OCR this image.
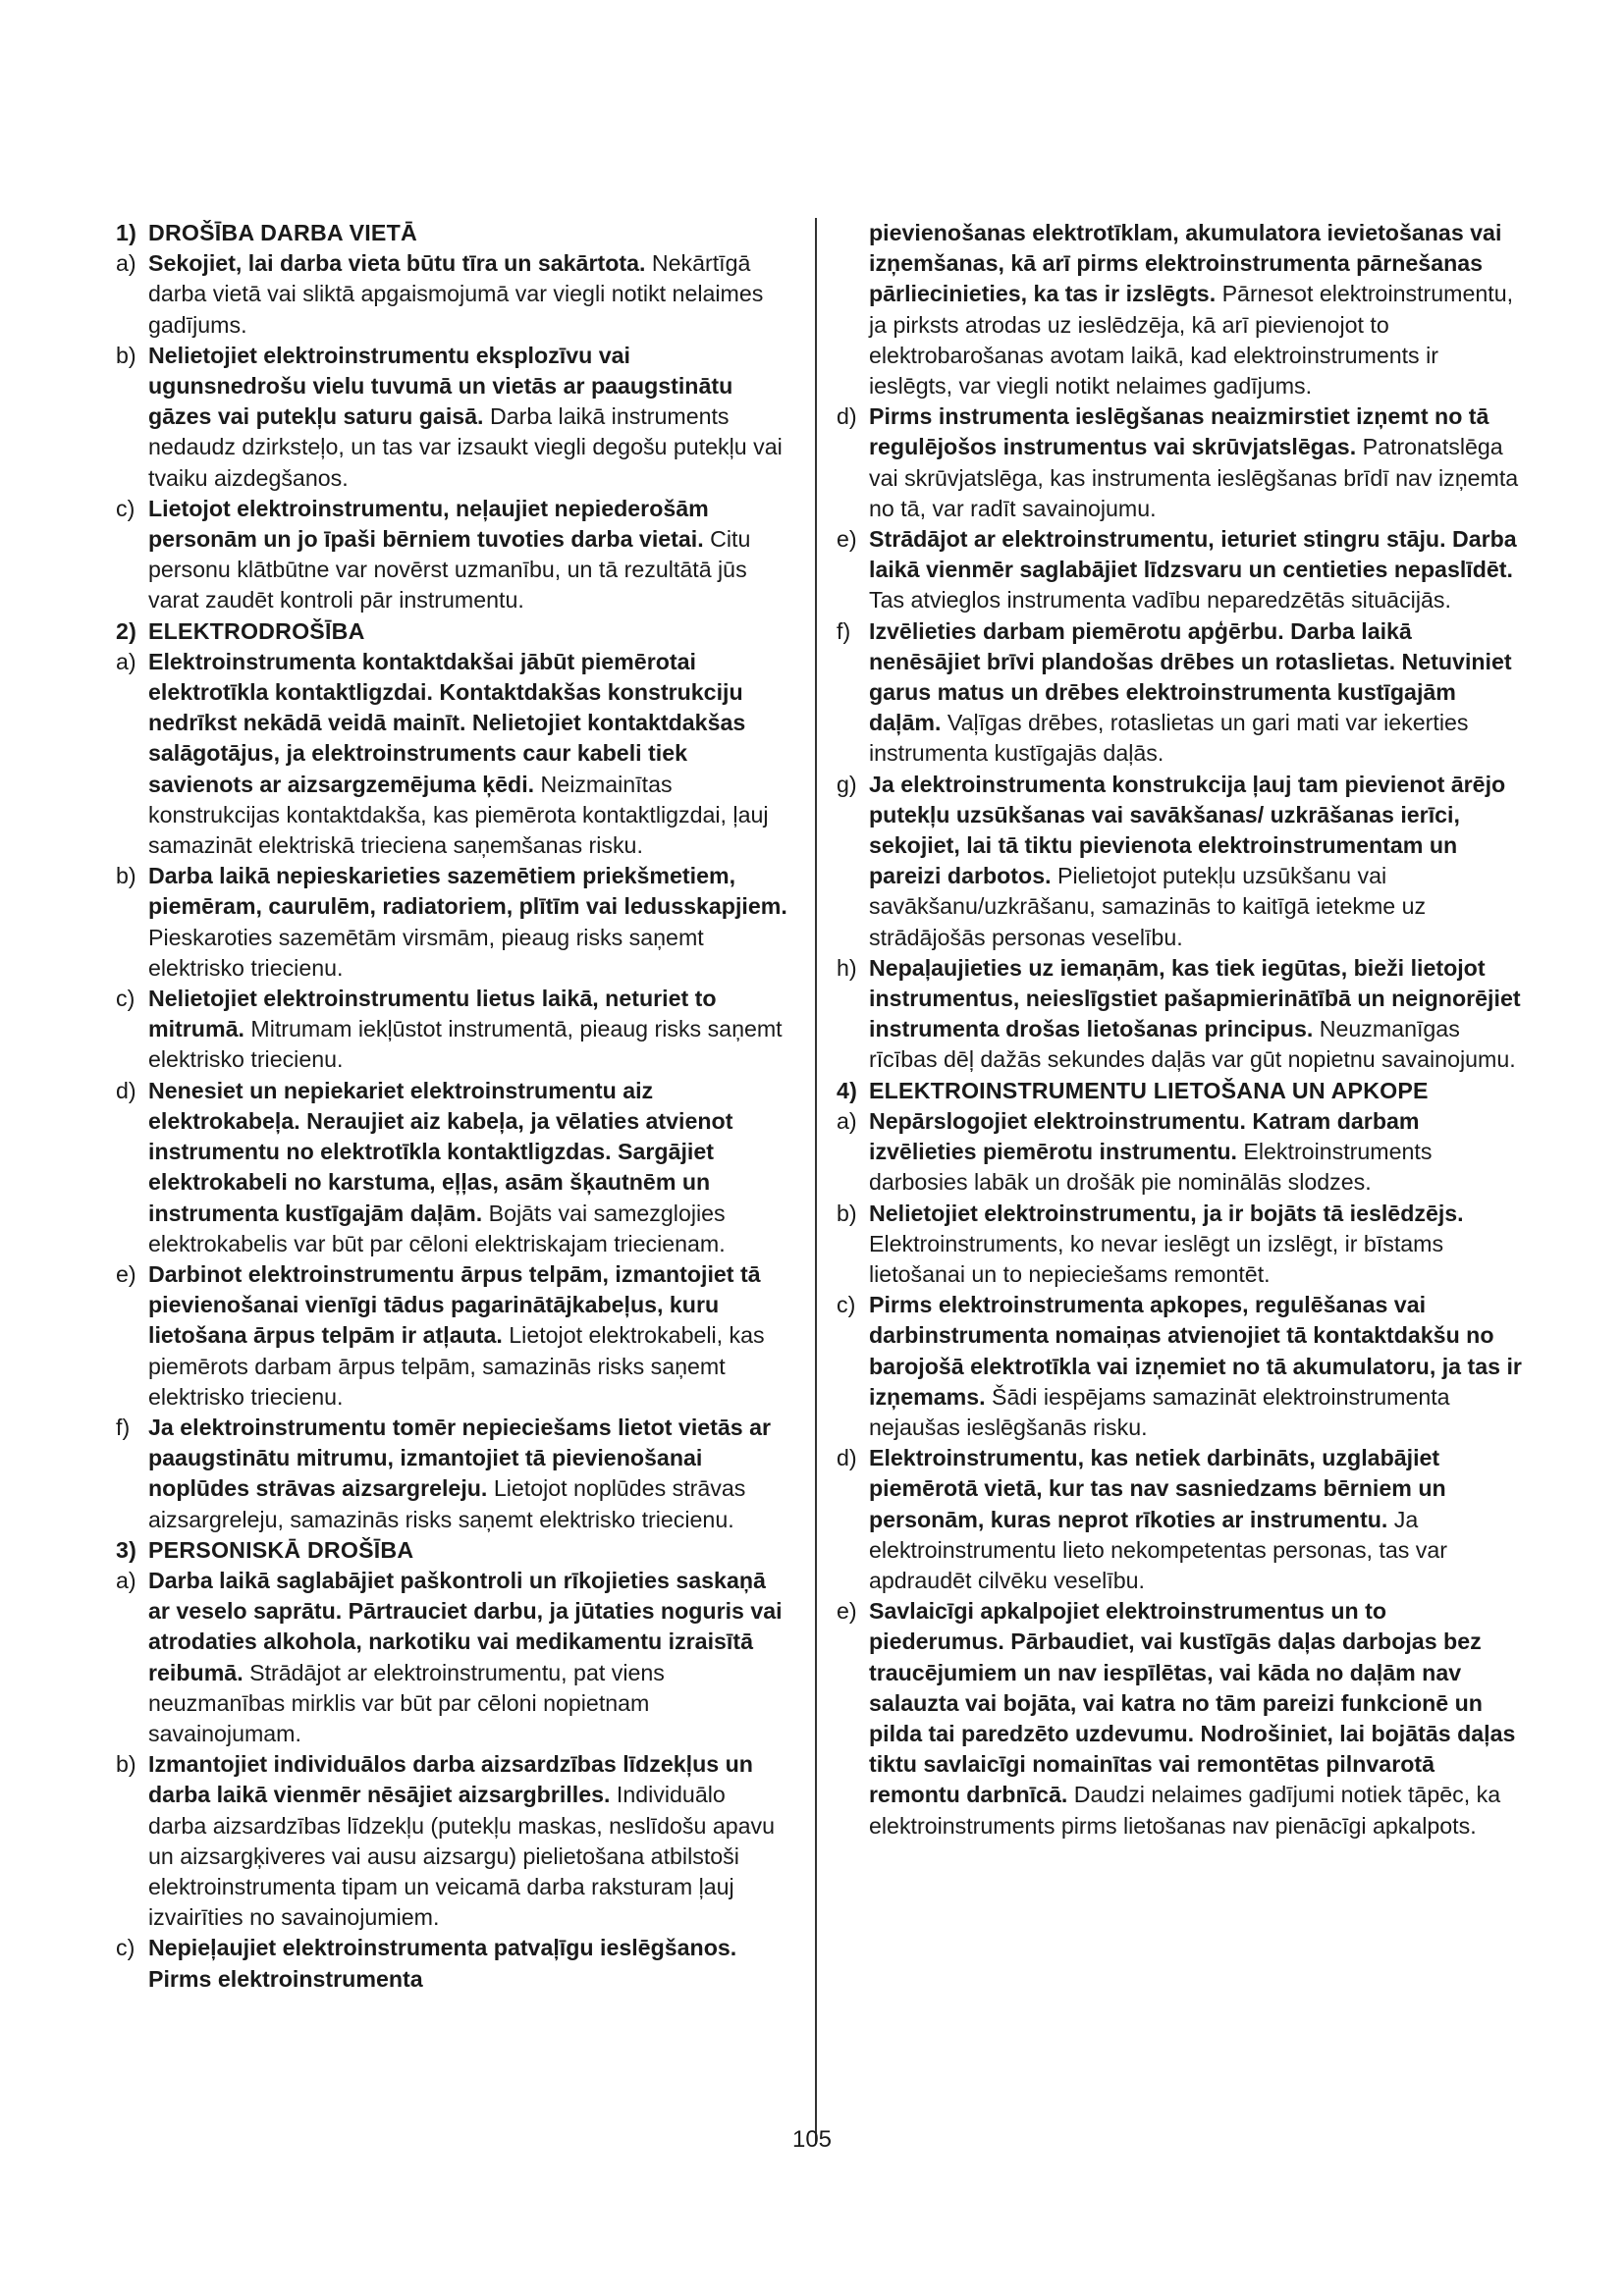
1) DROŠĪBA DARBA VIETĀ
a) Sekojiet, lai darba vieta būtu tīra un sakārtota. Nekārtīgā darba vietā vai sliktā apgaismojumā var viegli notikt nelaimes gadījums.
b) Nelietojiet elektroinstrumentu eksplozīvu vai ugunsnedrošu vielu tuvumā un vietās ar paaugstinātu gāzes vai putekļu saturu gaisā. Darba laikā instruments nedaudz dzirksteļo, un tas var izsaukt viegli degošu putekļu vai tvaiku aizdegšanos.
c) Lietojot elektroinstrumentu, neļaujiet nepiederošām personām un jo īpaši bērniem tuvoties darba vietai. Citu personu klātbūtne var novērst uzmanību, un tā rezultātā jūs varat zaudēt kontroli pār instrumentu.
2) ELEKTRODROŠĪBA
a) Elektroinstrumenta kontaktdakšai jābūt piemērotai elektrotīkla kontaktligzdai. Kontaktdakšas konstrukciju nedrīkst nekādā veidā mainīt. Nelietojiet kontaktdakšas salāgotājus, ja elektroinstruments caur kabeli tiek savienots ar aizsargzemējuma ķēdi. Neizmainītas konstrukcijas kontaktdakša, kas piemērota kontaktligzdai, ļauj samazināt elektriskā trieciena saņemšanas risku.
b) Darba laikā nepieskarieties sazemētiem priekšmetiem, piemēram, caurulēm, radiatoriem, plītīm vai ledusskapjiem. Pieskaroties sazemētām virsmām, pieaug risks saņemt elektrisko triecienu.
c) Nelietojiet elektroinstrumentu lietus laikā, neturiet to mitrumā. Mitrumam iekļūstot instrumentā, pieaug risks saņemt elektrisko triecienu.
d) Nenesiet un nepiekariet elektroinstrumentu aiz elektrokabeļa. Neraujiet aiz kabeļa, ja vēlaties atvienot instrumentu no elektrotīkla kontaktligzdas. Sargājiet elektrokabeli no karstuma, eļļas, asām šķautnēm un instrumenta kustīgajām daļām. Bojāts vai samezglojies elektrokabelis var būt par cēloni elektriskajam triecienam.
e) Darbinot elektroinstrumentu ārpus telpām, izmantojiet tā pievienošanai vienīgi tādus pagarinātājkabeļus, kuru lietošana ārpus telpām ir atļauta. Lietojot elektrokabeli, kas piemērots darbam ārpus telpām, samazinās risks saņemt elektrisko triecienu.
f) Ja elektroinstrumentu tomēr nepieciešams lietot vietās ar paaugstinātu mitrumu, izmantojiet tā pievienošanai noplūdes strāvas aizsargreleju. Lietojot noplūdes strāvas aizsargreleju, samazinās risks saņemt elektrisko triecienu.
3) PERSONISKĀ DROŠĪBA
a) Darba laikā saglabājiet paškontroli un rīkojieties saskaņā ar veselo saprātu. Pārtrauciet darbu, ja jūtaties noguris vai atrodaties alkohola, narkotiku vai medikamentu izraisītā reibumā. Strādājot ar elektroinstrumentu, pat viens neuzmanības mirklis var būt par cēloni nopietnam savainojumam.
b) Izmantojiet individuālos darba aizsardzības līdzekļus un darba laikā vienmēr nēsājiet aizsargbrilles. Individuālo darba aizsardzības līdzekļu (putekļu maskas, neslīdošu apavu un aizsargķiveres vai ausu aizsargu) pielietošana atbilstoši elektroinstrumenta tipam un veicamā darba raksturam ļauj izvairīties no savainojumiem.
c) Nepieļaujiet elektroinstrumenta patvaļīgu ieslēgšanos. Pirms elektroinstrumenta
pievienošanas elektrotīklam, akumulatora ievietošanas vai izņemšanas, kā arī pirms elektroinstrumenta pārnešanas pārliecinieties, ka tas ir izslēgts. Pārnesot elektroinstrumentu, ja pirksts atrodas uz ieslēdzēja, kā arī pievienojot to elektrobarošanas avotam laikā, kad elektroinstruments ir ieslēgts, var viegli notikt nelaimes gadījums.
d) Pirms instrumenta ieslēgšanas neaizmirstiet izņemt no tā regulējošos instrumentus vai skrūvjatslēgas. Patronatslēga vai skrūvjatslēga, kas instrumenta ieslēgšanas brīdī nav izņemta no tā, var radīt savainojumu.
e) Strādājot ar elektroinstrumentu, ieturiet stingru stāju. Darba laikā vienmēr saglabājiet līdzsvaru un centieties nepaslīdēt. Tas atvieglos instrumenta vadību neparedzētās situācijās.
f) Izvēlieties darbam piemērotu apģērbu. Darba laikā nenēsājiet brīvi plandošas drēbes un rotaslietas. Netuviniet garus matus un drēbes elektroinstrumenta kustīgajām daļām. Vaļīgas drēbes, rotaslietas un gari mati var iekerties instrumenta kustīgajās daļās.
g) Ja elektroinstrumenta konstrukcija ļauj tam pievienot ārējo putekļu uzsūkšanas vai savākšanas/ uzkrāšanas ierīci, sekojiet, lai tā tiktu pievienota elektroinstrumentam un pareizi darbotos. Pielietojot putekļu uzsūkšanu vai savākšanu/uzkrāšanu, samazinās to kaitīgā ietekme uz strādājošās personas veselību.
h) Nepaļaujieties uz iemaņām, kas tiek iegūtas, bieži lietojot instrumentus, neieslīgstiet pašapmierinātībā un neignorējiet instrumenta drošas lietošanas principus. Neuzmanīgas rīcības dēļ dažās sekundes daļās var gūt nopietnu savainojumu.
4) ELEKTROINSTRUMENTU LIETOŠANA UN APKOPE
a) Nepārslogojiet elektroinstrumentu. Katram darbam izvēlieties piemērotu instrumentu. Elektroinstruments darbosies labāk un drošāk pie nominālās slodzes.
b) Nelietojiet elektroinstrumentu, ja ir bojāts tā ieslēdzējs. Elektroinstruments, ko nevar ieslēgt un izslēgt, ir bīstams lietošanai un to nepieciešams remontēt.
c) Pirms elektroinstrumenta apkopes, regulēšanas vai darbinstrumenta nomaiņas atvienojiet tā kontaktdakšu no barojošā elektrotīkla vai izņemiet no tā akumulatoru, ja tas ir izņemams. Šādi iespējams samazināt elektroinstrumenta nejaušas ieslēgšanās risku.
d) Elektroinstrumentu, kas netiek darbināts, uzglabājiet piemērotā vietā, kur tas nav sasniedzams bērniem un personām, kuras neprot rīkoties ar instrumentu. Ja elektroinstrumentu lieto nekompetentas personas, tas var apdraudēt cilvēku veselību.
e) Savlaicīgi apkalpojiet elektroinstrumentus un to piederumus. Pārbaudiet, vai kustīgās daļas darbojas bez traucējumiem un nav iespīlētas, vai kāda no daļām nav salauzta vai bojāta, vai katra no tām pareizi funkcionē un pilda tai paredzēto uzdevumu. Nodrošiniet, lai bojātās daļas tiktu savlaicīgi nomainītas vai remontētas pilnvarotā remontu darbnīcā. Daudzi nelaimes gadījumi notiek tāpēc, ka elektroinstruments pirms lietošanas nav pienācīgi apkalpots.
105
